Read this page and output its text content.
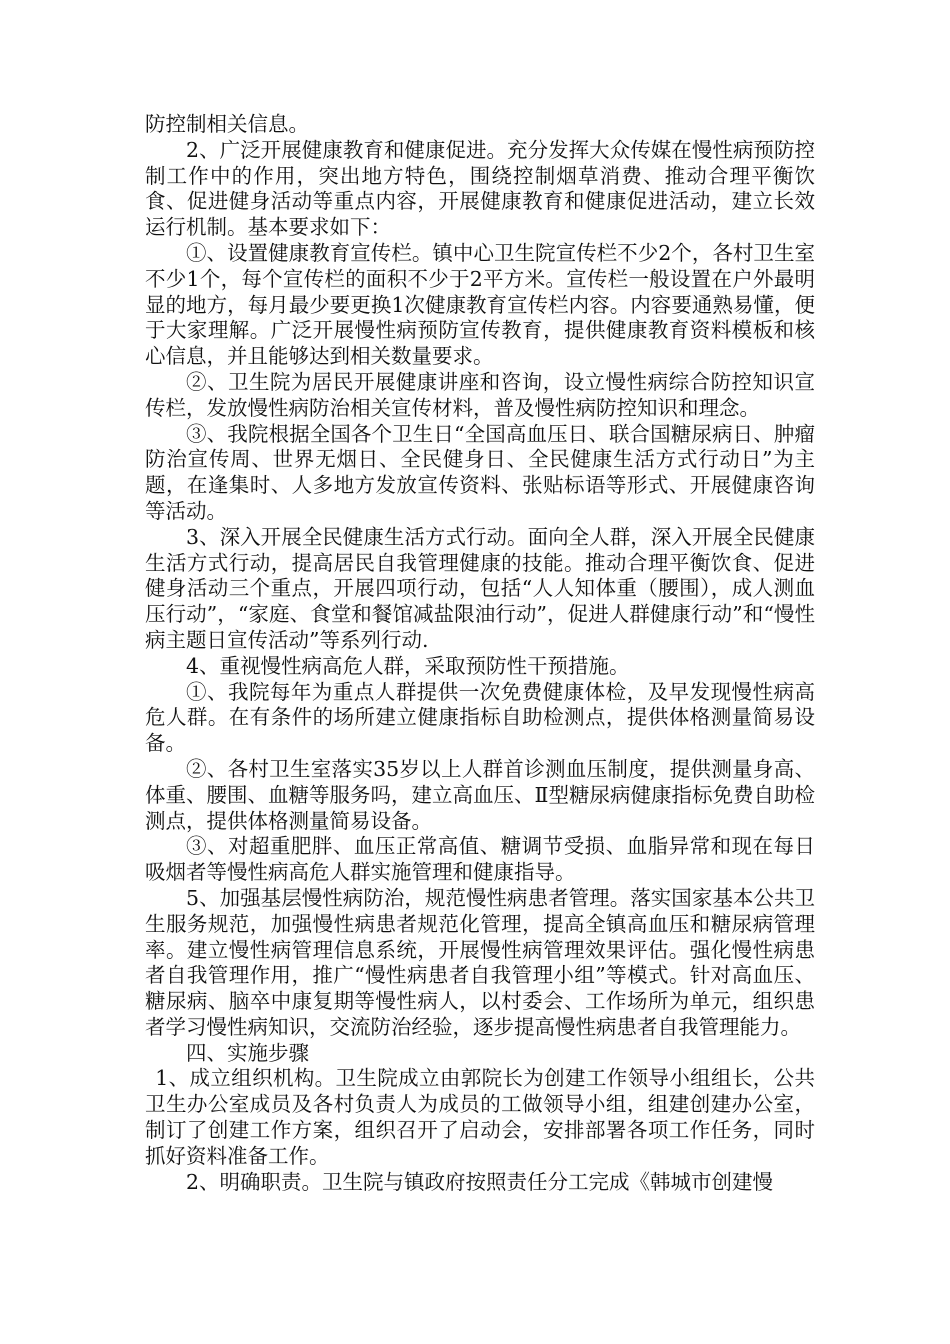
防控制相关信息。

2、广泛开展健康教育和健康促进。充分发挥大众传媒在慢性病预防控制工作中的作用，突出地方特色，围绕控制烟草消费、推动合理平衡饮食、促进健身活动等重点内容，开展健康教育和健康促进活动，建立长效运行机制。基本要求如下：

①、设置健康教育宣传栏。镇中心卫生院宣传栏不少2个，各村卫生室不少1个，每个宣传栏的面积不少于2平方米。宣传栏一般设置在户外最明显的地方，每月最少要更换1次健康教育宣传栏内容。内容要通熟易懂，便于大家理解。广泛开展慢性病预防宣传教育，提供健康教育资料模板和核心信息，并且能够达到相关数量要求。

②、卫生院为居民开展健康讲座和咨询，设立慢性病综合防控知识宣传栏，发放慢性病防治相关宣传材料，普及慢性病防控知识和理念。

③、我院根据全国各个卫生日“全国高血压日、联合国糖尿病日、肿瘤防治宣传周、世界无烟日、全民健身日、全民健康生活方式行动日”为主题，在逢集时、人多地方发放宣传资料、张贴标语等形式、开展健康咨询等活动。

3、深入开展全民健康生活方式行动。面向全人群，深入开展全民健康生活方式行动，提高居民自我管理健康的技能。推动合理平衡饮食、促进健身活动三个重点，开展四项行动，包括“人人知体重（腰围），成人测血压行动”，“家庭、食堂和餐馆减盐限油行动”，促进人群健康行动”和“慢性病主题日宣传活动”等系列行动.

4、重视慢性病高危人群，采取预防性干预措施。

①、我院每年为重点人群提供一次免费健康体检，及早发现慢性病高危人群。在有条件的场所建立健康指标自助检测点，提供体格测量简易设备。

②、各村卫生室落实35岁以上人群首诊测血压制度，提供测量身高、体重、腰围、血糖等服务吗，建立高血压、Ⅱ型糖尿病健康指标免费自助检测点，提供体格测量简易设备。

③、对超重肥胖、血压正常高值、糖调节受损、血脂异常和现在每日吸烟者等慢性病高危人群实施管理和健康指导。

5、加强基层慢性病防治，规范慢性病患者管理。落实国家基本公共卫生服务规范，加强慢性病患者规范化管理，提高全镇高血压和糖尿病管理率。建立慢性病管理信息系统，开展慢性病管理效果评估。强化慢性病患者自我管理作用，推广“慢性病患者自我管理小组”等模式。针对高血压、糖尿病、脑卒中康复期等慢性病人，以村委会、工作场所为单元，组织患者学习慢性病知识，交流防治经验，逐步提高慢性病患者自我管理能力。

四、实施步骤

1、成立组织机构。卫生院成立由郭院长为创建工作领导小组组长，公共卫生办公室成员及各村负责人为成员的工做领导小组，组建创建办公室，制订了创建工作方案，组织召开了启动会，安排部署各项工作任务，同时抓好资料准备工作。

2、明确职责。卫生院与镇政府按照责任分工完成《韩城市创建慢
